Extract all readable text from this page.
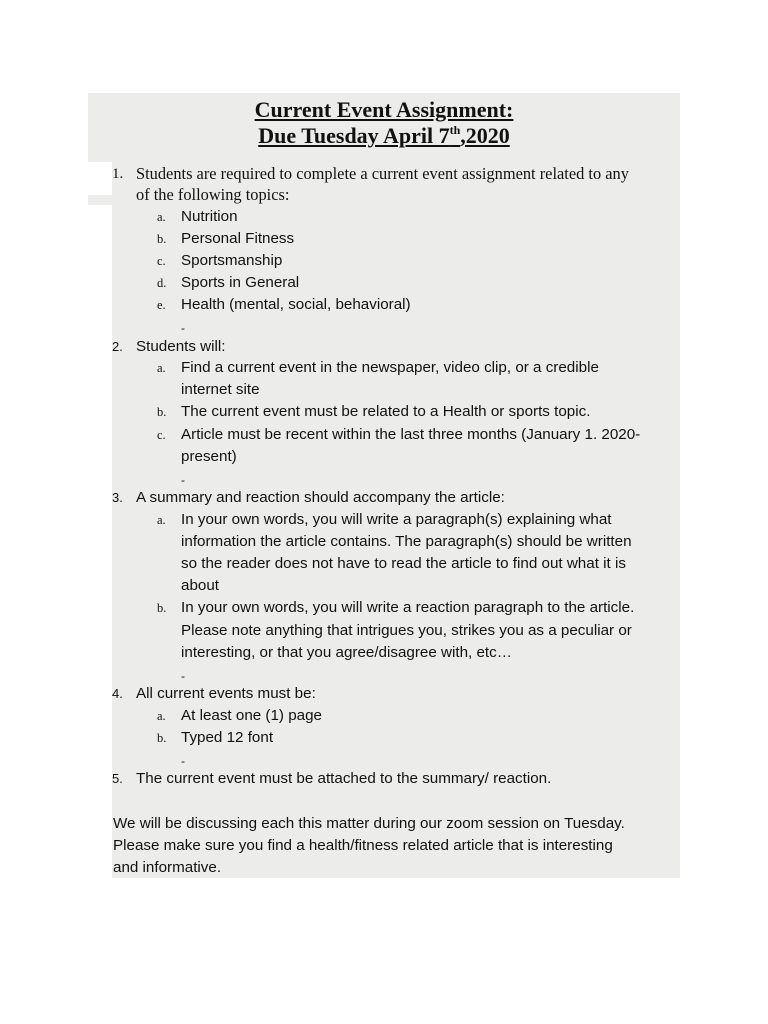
Current Event Assignment:
Due Tuesday April 7th,2020
1. Students are required to complete a current event assignment related to any
of the following topics:
a. Nutrition
b. Personal Fitness
c. Sportsmanship
d. Sports in General
e. Health (mental, social, behavioral)
-
2. Students will:
a. Find a current event in the newspaper, video clip, or a credible
internet site
b. The current event must be related to a Health or sports topic.
c. Article must be recent within the last three months (January 1. 2020-
present)
-
3. A summary and reaction should accompany the article:
a. In your own words, you will write a paragraph(s) explaining what
information the article contains. The paragraph(s) should be written
so the reader does not have to read the article to find out what it is
about
b. In your own words, you will write a reaction paragraph to the article.
Please note anything that intrigues you, strikes you as a peculiar or
interesting, or that you agree/disagree with, etc…
-
4. All current events must be:
a. At least one (1) page
b. Typed 12 font
-
5. The current event must be attached to the summary/ reaction.
We will be discussing each this matter during our zoom session on Tuesday.
Please make sure you find a health/fitness related article that is interesting
and informative.
